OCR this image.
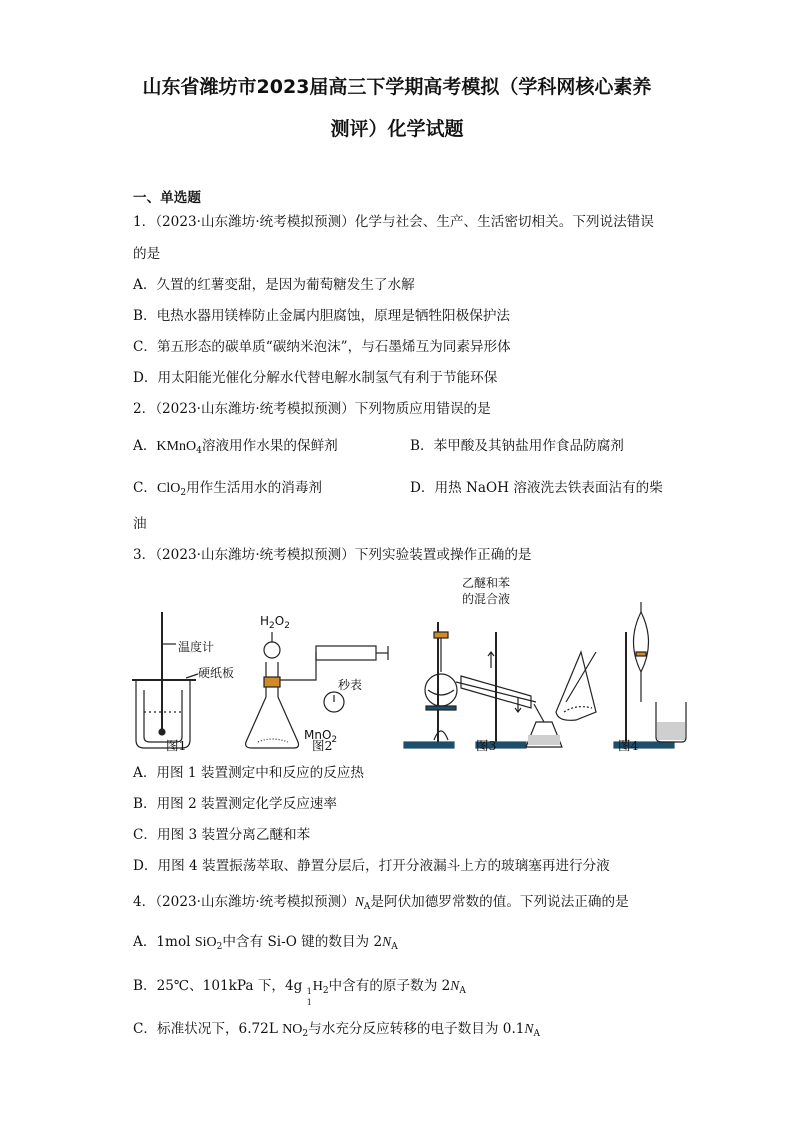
山东省潍坊市2023届高三下学期高考模拟（学科网核心素养
测评）化学试题
一、单选题
1．（2023·山东潍坊·统考模拟预测）化学与社会、生产、生活密切相关。下列说法错误
的是
A．久置的红薯变甜，是因为葡萄糖发生了水解
B．电热水器用镁棒防止金属内胆腐蚀，原理是牺牲阳极保护法
C．第五形态的碳单质“碳纳米泡沫”，与石墨烯互为同素异形体
D．用太阳能光催化分解水代替电解水制氢气有利于节能环保
2．（2023·山东潍坊·统考模拟预测）下列物质应用错误的是
A．KMnO$_4$溶液用作水果的保鲜剂	B．苯甲酸及其钠盐用作食品防腐剂
C．ClO$_2$用作生活用水的消毒剂	D．用热 NaOH 溶液洗去铁表面沾有的柴
油
3．（2023·山东潍坊·统考模拟预测）下列实验装置或操作正确的是
温度计
硬纸板
$H_2O_2$
秒表
MnO$_2$
乙醚和苯
的混合液
图1	图2	图3	图4
A．用图 1 装置测定中和反应的反应热
B．用图 2 装置测定化学反应速率
C．用图 3 装置分离乙醚和苯
D．用图 4 装置振荡萃取、静置分层后，打开分液漏斗上方的玻璃塞再进行分液
4．（2023·山东潍坊·统考模拟预测）$N_A$是阿伏加德罗常数的值。下列说法正确的是
A．1mol SiO$_2$中含有 Si-O 键的数目为 $2N_A$
B．25℃、101kPa 下，4g 1
1
$H_2$中含有的原子数为 $2N_A$
C．标准状况下，6.72L $NO_2$与水充分反应转移的电子数目为 $0.1N_A$
